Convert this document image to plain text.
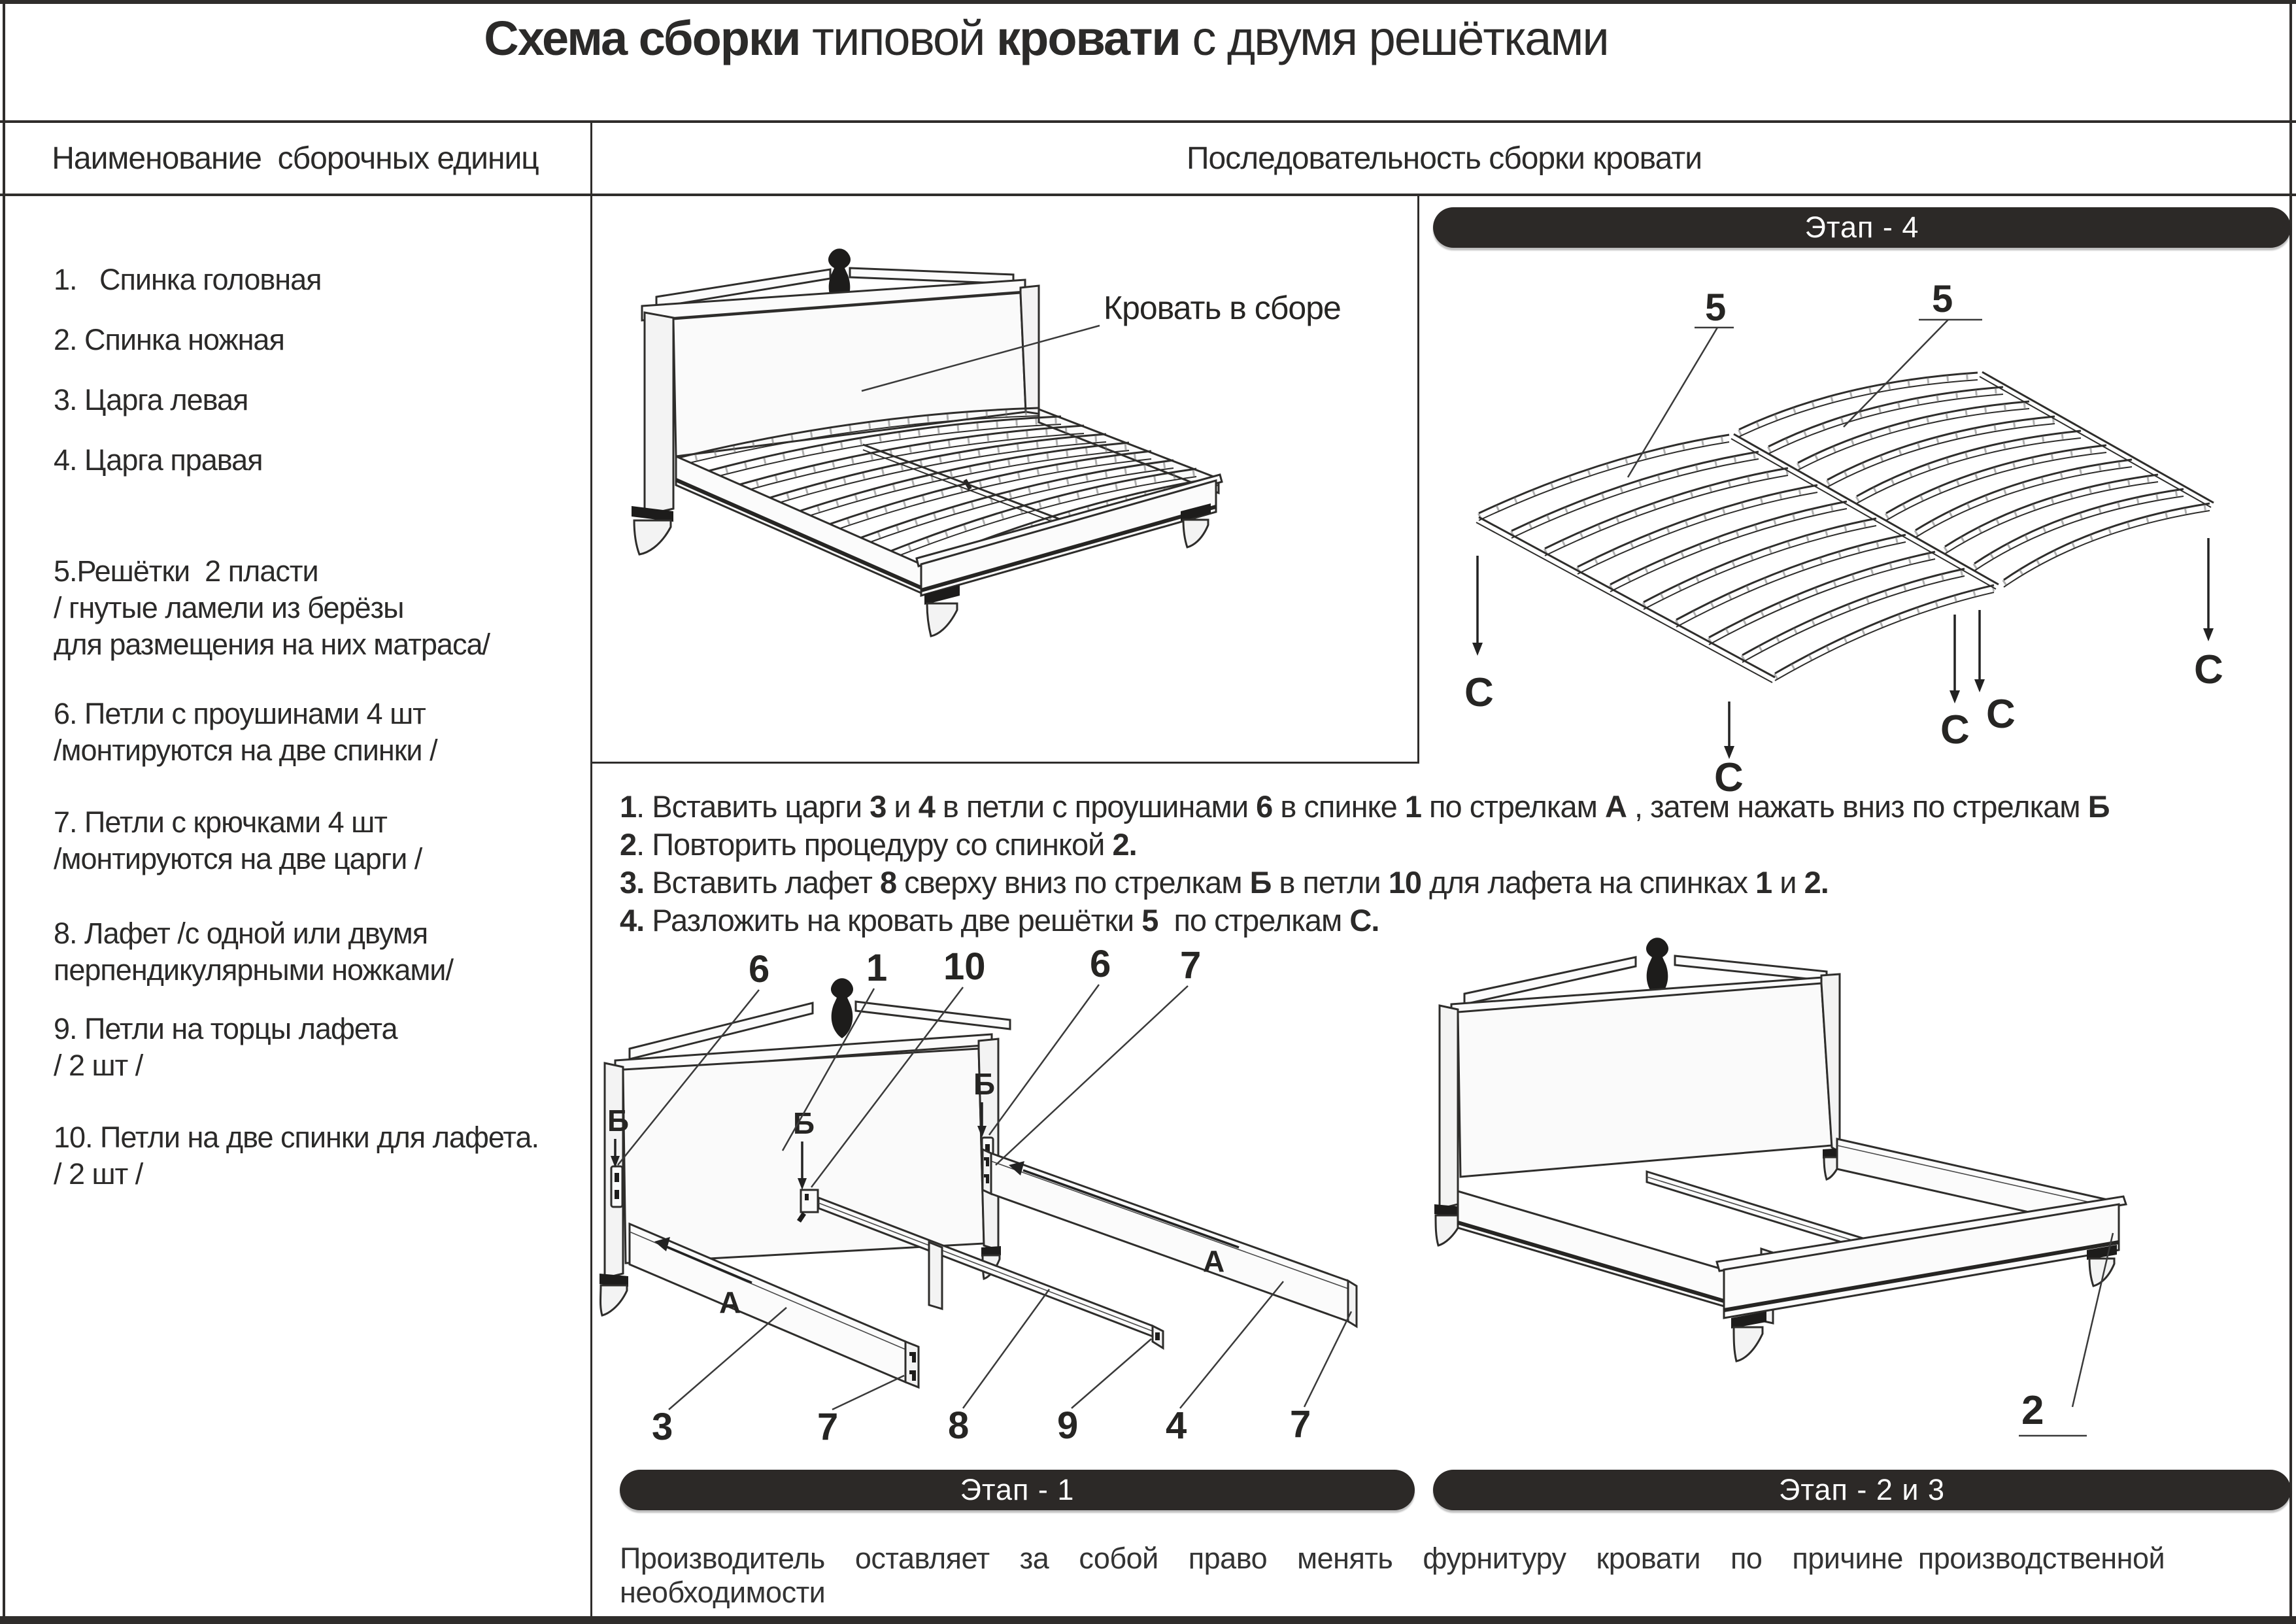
Схема сборки типовой кровати с двумя решётками
Наименование  сборочных единиц	Последовательность сборки кровати
1.   Спинка головная
2. Спинка ножная
3. Царга левая
4. Царга правая
5.Решётки  2 пласти
/ гнутые ламели из берёзы
для размещения на них матраса/
6. Петли с проушинами 4 шт
/монтируются на две спинки /
7. Петли с крючками 4 шт
/монтируются на две царги /
8. Лафет /с одной или двумя
перпендикулярными ножками/
9. Петли на торцы лафета
/ 2 шт /
10. Петли на две спинки для лафета.
/ 2 шт /
Кровать в сборе
Этап - 4
5	5
С
С
С С
С
1. Вставить царги 3 и 4 в петли с проушинами 6 в спинке 1 по стрелкам А , затем нажать вниз по стрелкам Б
2. Повторить процедуру со спинкой 2.
3. Вставить лафет 8 сверху вниз по стрелкам Б в петли 10 для лафета на спинках 1 и 2.
4. Разложить на кровать две решётки 5  по стрелкам С.
А
А
Б	Б
Б
6	1 10	6 7
3	7	8 9 4	7	2
Этап - 1	Этап - 2 и 3
Производитель  оставляет  за  собой  право  менять  фурнитуру  кровати  по  причине производственной необходимости
